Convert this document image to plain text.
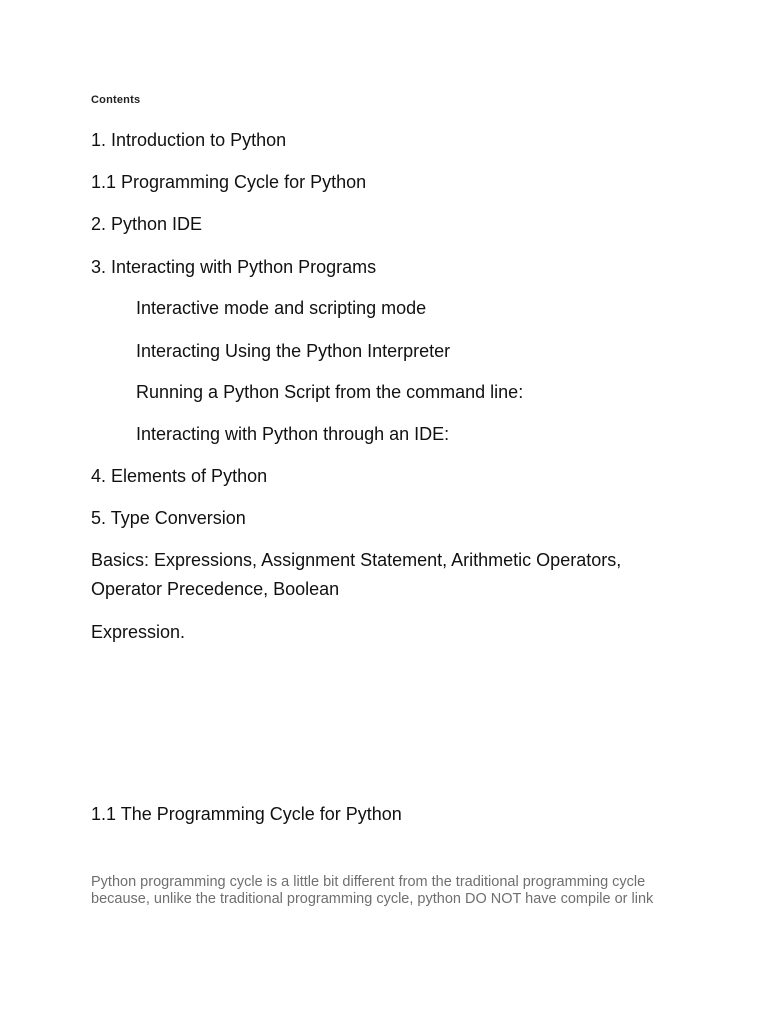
Contents
1. Introduction to Python
1.1 Programming Cycle for Python
2. Python IDE
3. Interacting with Python Programs
Interactive mode and scripting mode
Interacting Using the Python Interpreter
Running a Python Script from the command line:
Interacting with Python through an IDE:
4. Elements of Python
5. Type Conversion
Basics: Expressions, Assignment Statement, Arithmetic Operators,
Operator Precedence, Boolean
Expression.
1.1 The Programming Cycle for Python
Python programming cycle is a little bit different from the traditional programming cycle
because, unlike the traditional programming cycle, python DO NOT have compile or link
